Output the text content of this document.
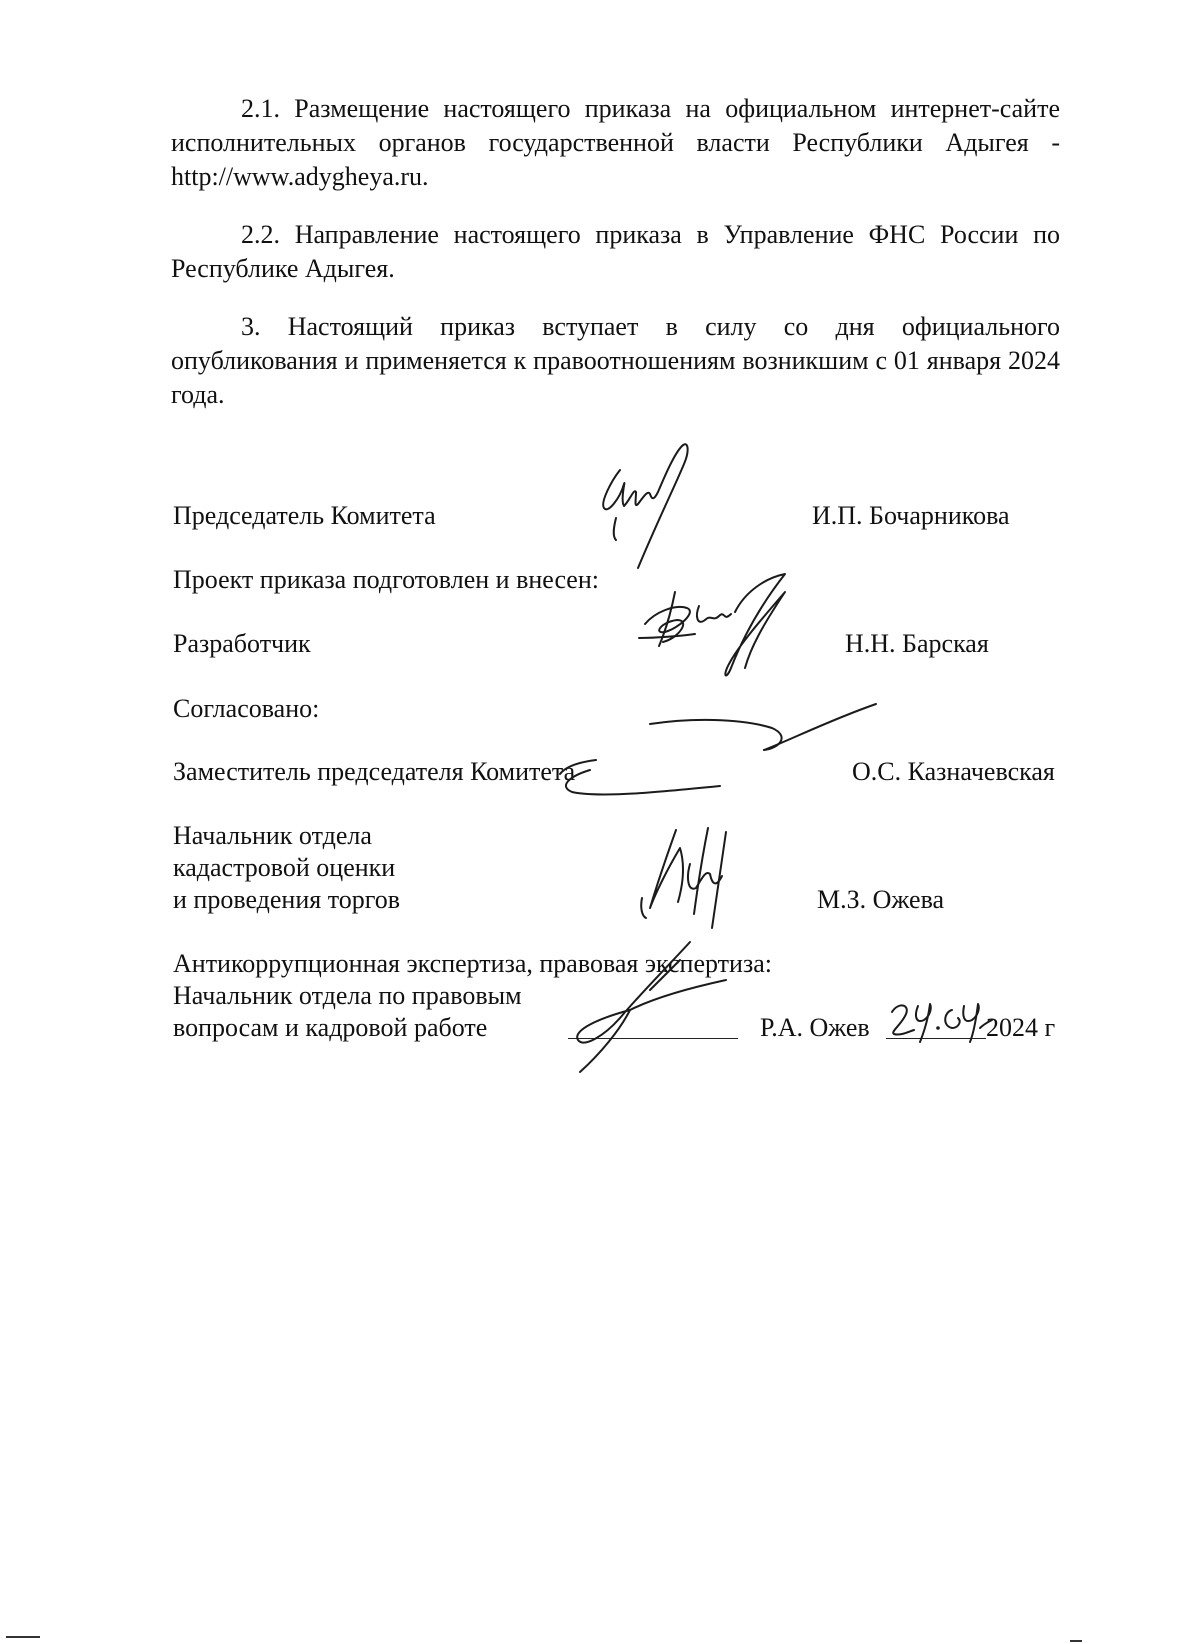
2.1. Размещение настоящего приказа на официальном интернет-сайте исполнительных органов государственной власти Республики Адыгея - http://www.adygheya.ru.
2.2. Направление настоящего приказа в Управление ФНС России по Республике Адыгея.
3. Настоящий приказ вступает в силу со дня официального опубликования и применяется к правоотношениям возникшим с 01 января 2024 года.
Председатель Комитета	И.П. Бочарникова
Проект приказа подготовлен и внесен:
Разработчик	Н.Н. Барская
Согласовано:
Заместитель председателя Комитета	О.С. Казначевская
Начальник отдела
кадастровой оценки
и проведения торгов	М.З. Ожева
Антикоррупционная экспертиза, правовая экспертиза:
Начальник отдела по правовым
вопросам и кадровой работе	Р.А. Ожев	2024 г
